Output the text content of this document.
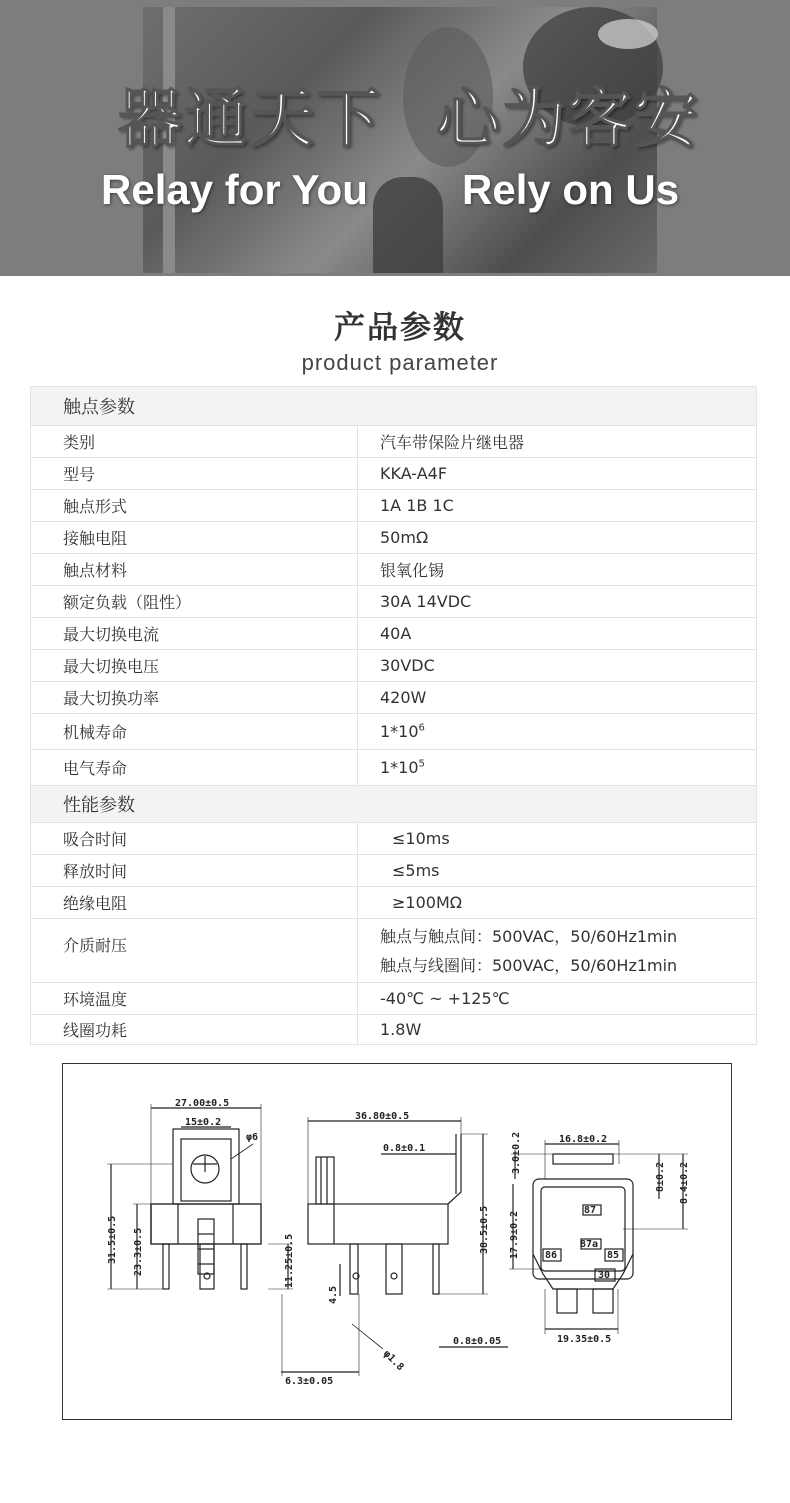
器通天下 心为客安
Relay for You Rely on Us
产品参数
product parameter
触点参数	
类别	汽车带保险片继电器
型号	KKA-A4F
触点形式	1A 1B 1C
接触电阻	50mΩ
触点材料	银氧化锡
额定负载（阻性）	30A 14VDC
最大切换电流	40A
最大切换电压	30VDC
最大切换功率	420W
机械寿命	$1*10^6$
电气寿命	$1*10^5$
性能参数	
吸合时间	≤10ms
释放时间	≤5ms
绝缘电阻	≥100MΩ
介质耐压	触点与触点间：500VAC，50/60Hz1min
触点与线圈间：500VAC，50/60Hz1min

环境温度	-40℃ ~ +125℃
线圈功耗	1.8W
27.00±0.5
15±0.2
φ6
31.5±0.5 23.3±0.5	11.25±0.5
6.3±0.05
36.80±0.5
0.8±0.1
38.5±0.5
4.5
φ1.8
0.8±0.05
16.8±0.2
3.0±0.2
8±0.2 8.4±0.2
17.9±0.2
19.35±0.5
87
87a
86	85
30
